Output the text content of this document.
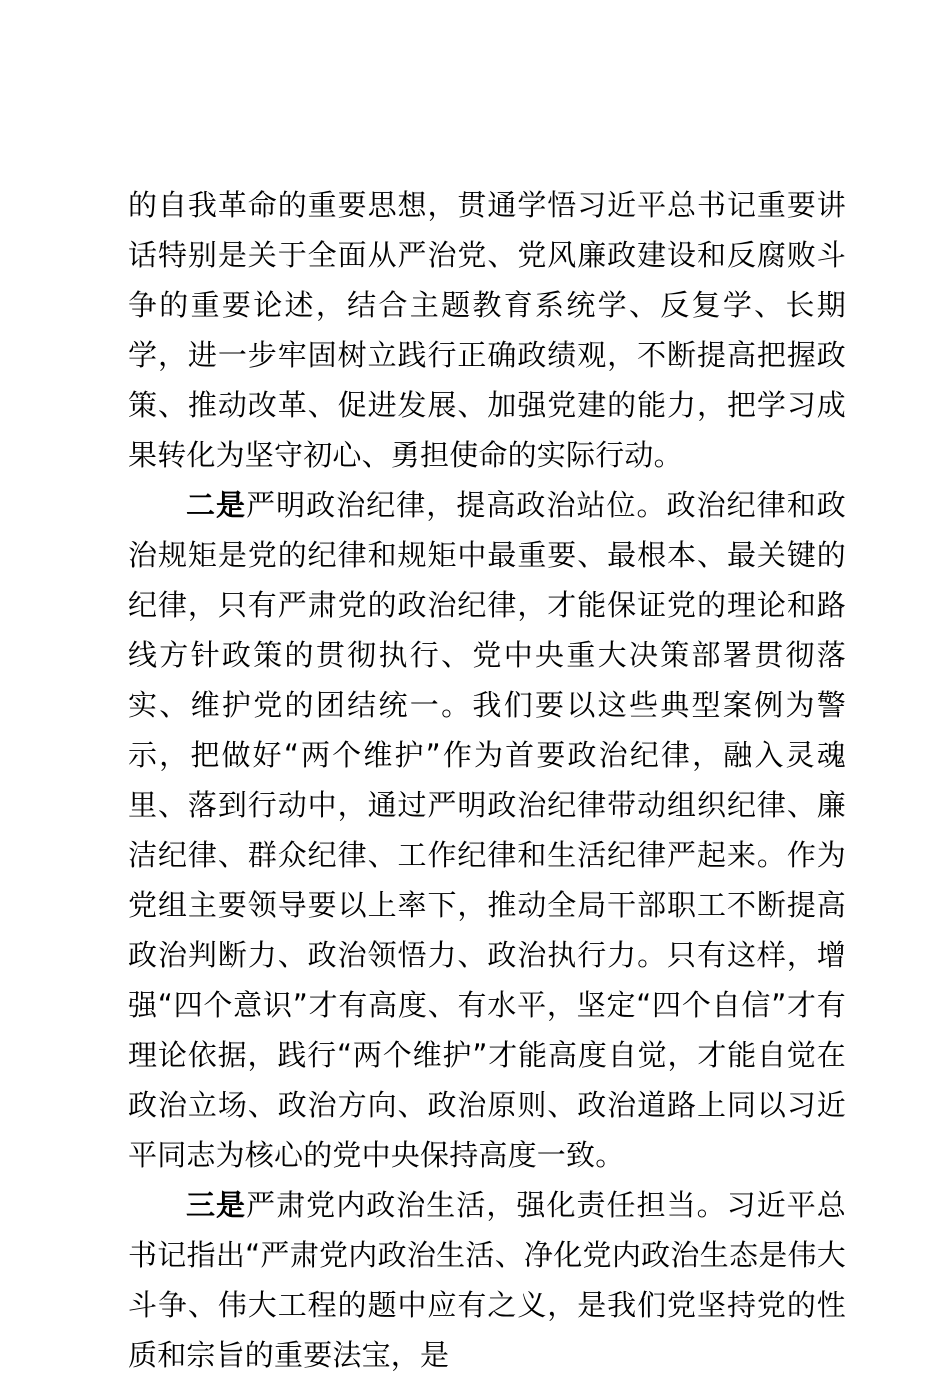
的自我革命的重要思想，贯通学悟习近平总书记重要讲话特别是关于全面从严治党、党风廉政建设和反腐败斗争的重要论述，结合主题教育系统学、反复学、长期学，进一步牢固树立践行正确政绩观，不断提高把握政策、推动改革、促进发展、加强党建的能力，把学习成果转化为坚守初心、勇担使命的实际行动。

二是严明政治纪律，提高政治站位。政治纪律和政治规矩是党的纪律和规矩中最重要、最根本、最关键的纪律，只有严肃党的政治纪律，才能保证党的理论和路线方针政策的贯彻执行、党中央重大决策部署贯彻落实、维护党的团结统一。我们要以这些典型案例为警示，把做好“两个维护”作为首要政治纪律，融入灵魂里、落到行动中，通过严明政治纪律带动组织纪律、廉洁纪律、群众纪律、工作纪律和生活纪律严起来。作为党组主要领导要以上率下，推动全局干部职工不断提高政治判断力、政治领悟力、政治执行力。只有这样，增强“四个意识”才有高度、有水平，坚定“四个自信”才有理论依据，践行“两个维护”才能高度自觉，才能自觉在政治立场、政治方向、政治原则、政治道路上同以习近平同志为核心的党中央保持高度一致。

三是严肃党内政治生活，强化责任担当。习近平总书记指出“严肃党内政治生活、净化党内政治生态是伟大斗争、伟大工程的题中应有之义，是我们党坚持党的性质和宗旨的重要法宝，是
